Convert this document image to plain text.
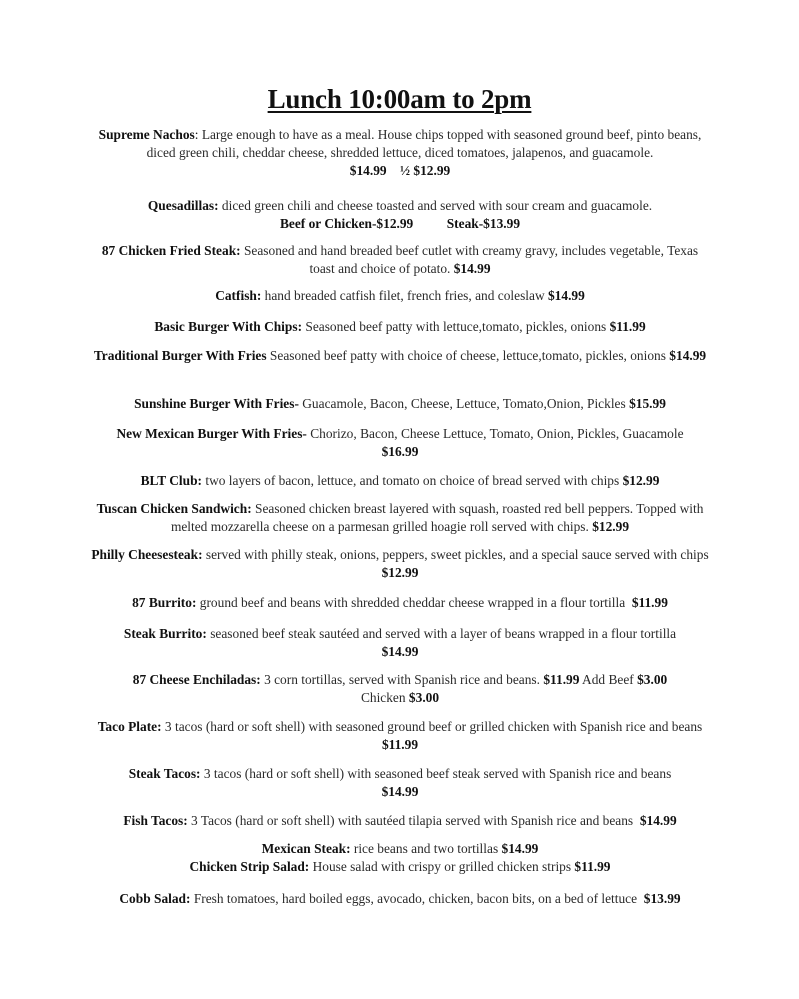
Lunch 10:00am to 2pm
Supreme Nachos: Large enough to have as a meal. House chips topped with seasoned ground beef, pinto beans, diced green chili, cheddar cheese, shredded lettuce, diced tomatoes, jalapenos, and guacamole.
$14.99    ½ $12.99
Quesadillas: diced green chili and cheese toasted and served with sour cream and guacamole.
Beef or Chicken-$12.99          Steak-$13.99
87 Chicken Fried Steak: Seasoned and hand breaded beef cutlet with creamy gravy, includes vegetable, Texas toast and choice of potato. $14.99
Catfish: hand breaded catfish filet, french fries, and coleslaw $14.99
Basic Burger With Chips: Seasoned beef patty with lettuce,tomato, pickles, onions $11.99
Traditional Burger With Fries Seasoned beef patty with choice of cheese, lettuce,tomato, pickles, onions $14.99
Sunshine Burger With Fries- Guacamole, Bacon, Cheese, Lettuce, Tomato,Onion, Pickles $15.99
New Mexican Burger With Fries- Chorizo, Bacon, Cheese Lettuce, Tomato, Onion, Pickles, Guacamole
$16.99
BLT Club: two layers of bacon, lettuce, and tomato on choice of bread served with chips $12.99
Tuscan Chicken Sandwich: Seasoned chicken breast layered with squash, roasted red bell peppers. Topped with melted mozzarella cheese on a parmesan grilled hoagie roll served with chips. $12.99
Philly Cheesesteak: served with philly steak, onions, peppers, sweet pickles, and a special sauce served with chips $12.99
87 Burrito: ground beef and beans with shredded cheddar cheese wrapped in a flour tortilla  $11.99
Steak Burrito: seasoned beef steak sautéed and served with a layer of beans wrapped in a flour tortilla
$14.99
87 Cheese Enchiladas: 3 corn tortillas, served with Spanish rice and beans. $11.99 Add Beef $3.00
Chicken $3.00
Taco Plate: 3 tacos (hard or soft shell) with seasoned ground beef or grilled chicken with Spanish rice and beans $11.99
Steak Tacos: 3 tacos (hard or soft shell) with seasoned beef steak served with Spanish rice and beans
$14.99
Fish Tacos: 3 Tacos (hard or soft shell) with sautéed tilapia served with Spanish rice and beans  $14.99
Mexican Steak: rice beans and two tortillas $14.99
Chicken Strip Salad: House salad with crispy or grilled chicken strips $11.99
Cobb Salad: Fresh tomatoes, hard boiled eggs, avocado, chicken, bacon bits, on a bed of lettuce  $13.99
